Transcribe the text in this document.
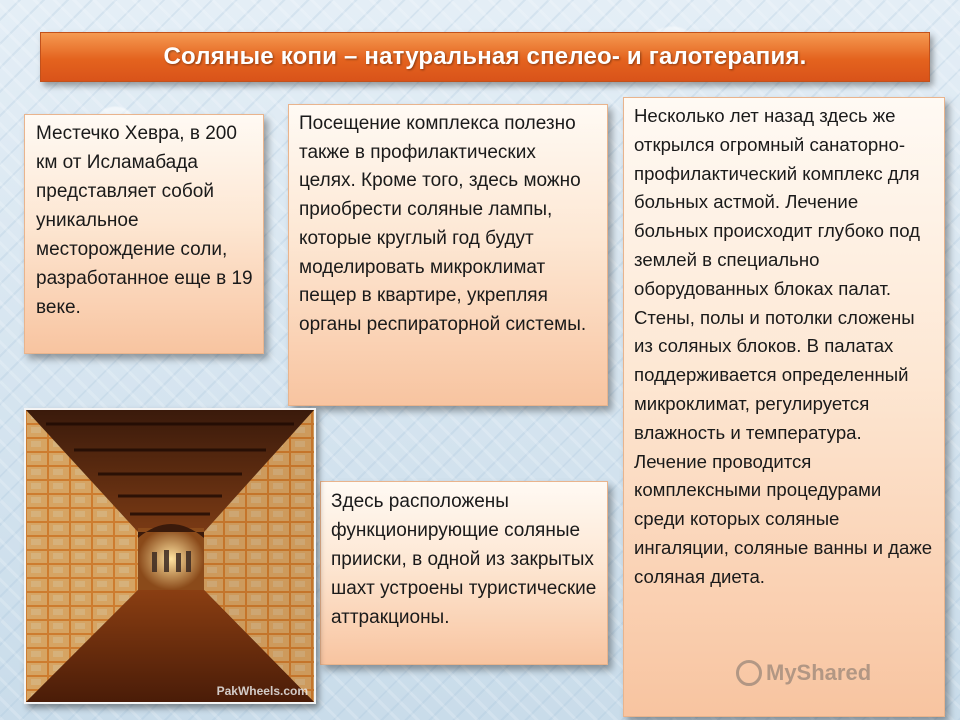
Соляные копи – натуральная спелео- и галотерапия.

Местечко Хевра, в 200 км от Исламабада представляет собой уникальное месторождение соли, разработанное еще в 19 веке.

Посещение комплекса полезно также в профилактических целях. Кроме того, здесь можно приобрести соляные лампы, которые круглый год будут моделировать микроклимат пещер в квартире, укрепляя органы респираторной системы.

Здесь расположены функционирующие соляные прииски, в одной из закрытых шахт устроены туристические аттракционы.

Несколько лет назад здесь же открылся огромный санаторно-профилактический комплекс для больных астмой. Лечение больных происходит глубоко под землей в специально оборудованных блоках палат. Стены, полы и потолки сложены из соляных блоков. В палатах поддерживается определенный микроклимат, регулируется влажность и температура. Лечение проводится комплексными процедурами среди которых соляные ингаляции, соляные ванны и даже соляная диета.

PakWheels.com
MyShared
